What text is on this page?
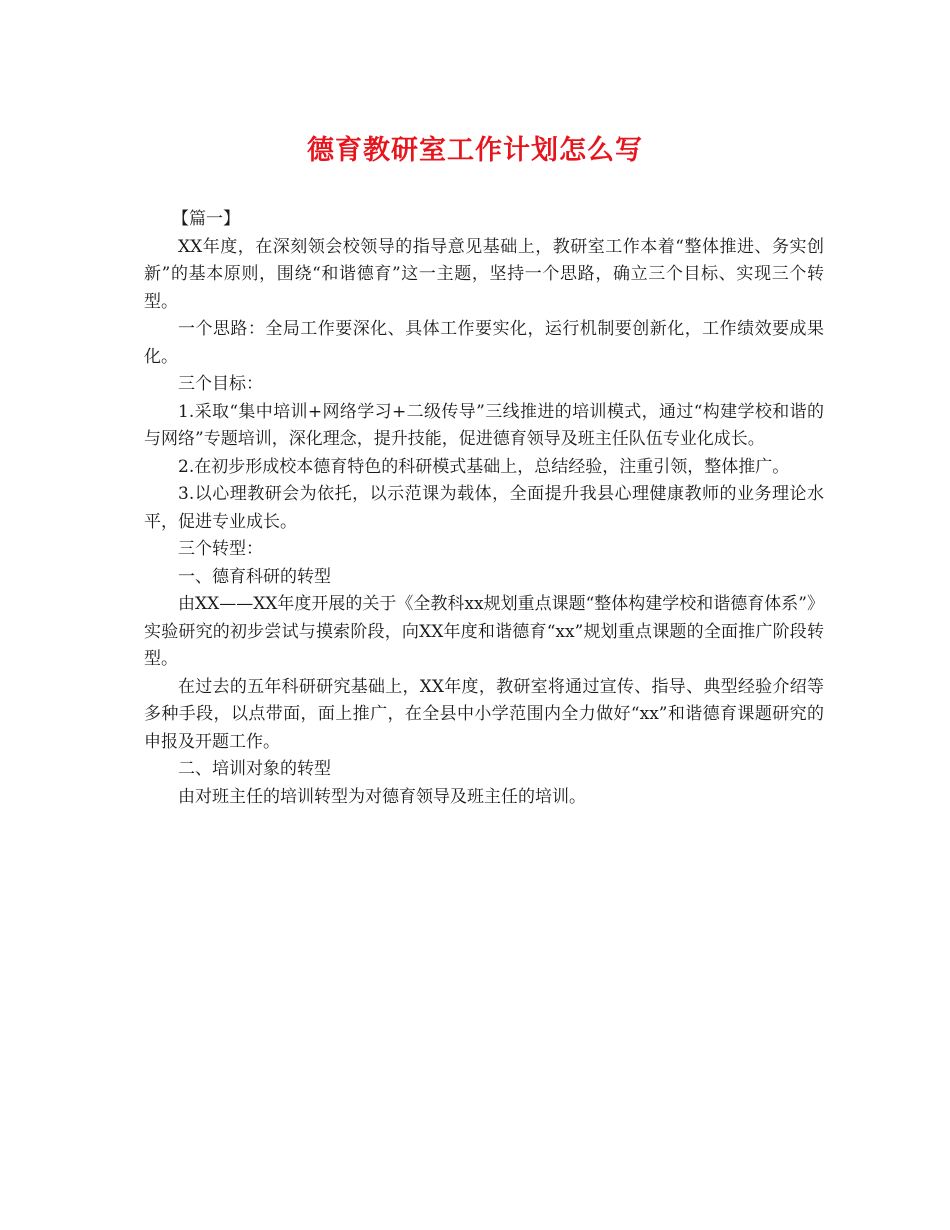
德育教研室工作计划怎么写

【篇一】

XX年度，在深刻领会校领导的指导意见基础上，教研室工作本着“整体推进、务实创新”的基本原则，围绕“和谐德育”这一主题，坚持一个思路，确立三个目标、实现三个转型。

一个思路：全局工作要深化、具体工作要实化，运行机制要创新化，工作绩效要成果化。

三个目标：

1.采取“集中培训+网络学习+二级传导”三线推进的培训模式，通过“构建学校和谐的与网络”专题培训，深化理念，提升技能，促进德育领导及班主任队伍专业化成长。

2.在初步形成校本德育特色的科研模式基础上，总结经验，注重引领，整体推广。

3.以心理教研会为依托，以示范课为载体，全面提升我县心理健康教师的业务理论水平，促进专业成长。

三个转型：

一、德育科研的转型

由XX——XX年度开展的关于《全教科xx规划重点课题“整体构建学校和谐德育体系”》实验研究的初步尝试与摸索阶段，向XX年度和谐德育“xx”规划重点课题的全面推广阶段转型。

在过去的五年科研研究基础上，XX年度，教研室将通过宣传、指导、典型经验介绍等多种手段，以点带面，面上推广，在全县中小学范围内全力做好“xx”和谐德育课题研究的申报及开题工作。

二、培训对象的转型

由对班主任的培训转型为对德育领导及班主任的培训。
